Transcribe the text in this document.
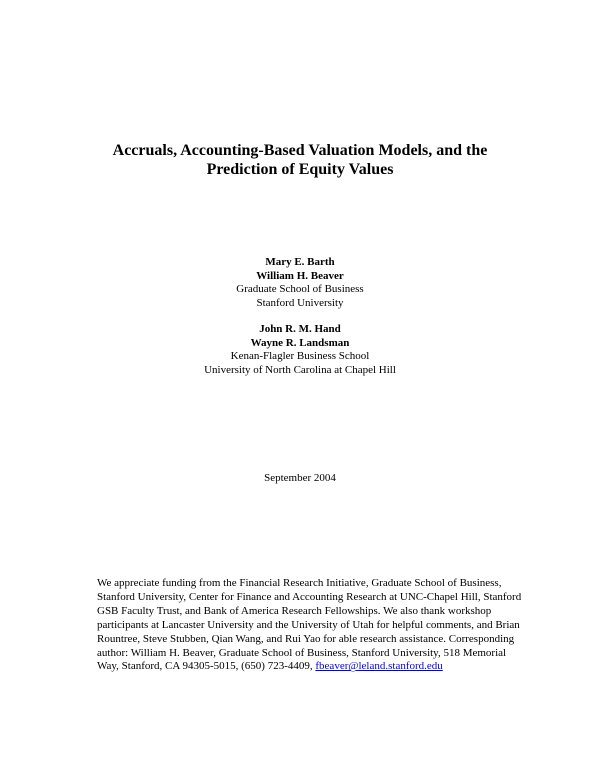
Accruals, Accounting-Based Valuation Models, and the
Prediction of Equity Values
Mary E. Barth
William H. Beaver
Graduate School of Business
Stanford University
John R. M. Hand
Wayne R. Landsman
Kenan-Flagler Business School
University of North Carolina at Chapel Hill
September 2004
We appreciate funding from the Financial Research Initiative, Graduate School of Business,
Stanford University, Center for Finance and Accounting Research at UNC-Chapel Hill, Stanford
GSB Faculty Trust, and Bank of America Research Fellowships. We also thank workshop
participants at Lancaster University and the University of Utah for helpful comments, and Brian
Rountree, Steve Stubben, Qian Wang, and Rui Yao for able research assistance. Corresponding
author: William H. Beaver, Graduate School of Business, Stanford University, 518 Memorial
Way, Stanford, CA 94305-5015, (650) 723-4409, fbeaver@leland.stanford.edu
